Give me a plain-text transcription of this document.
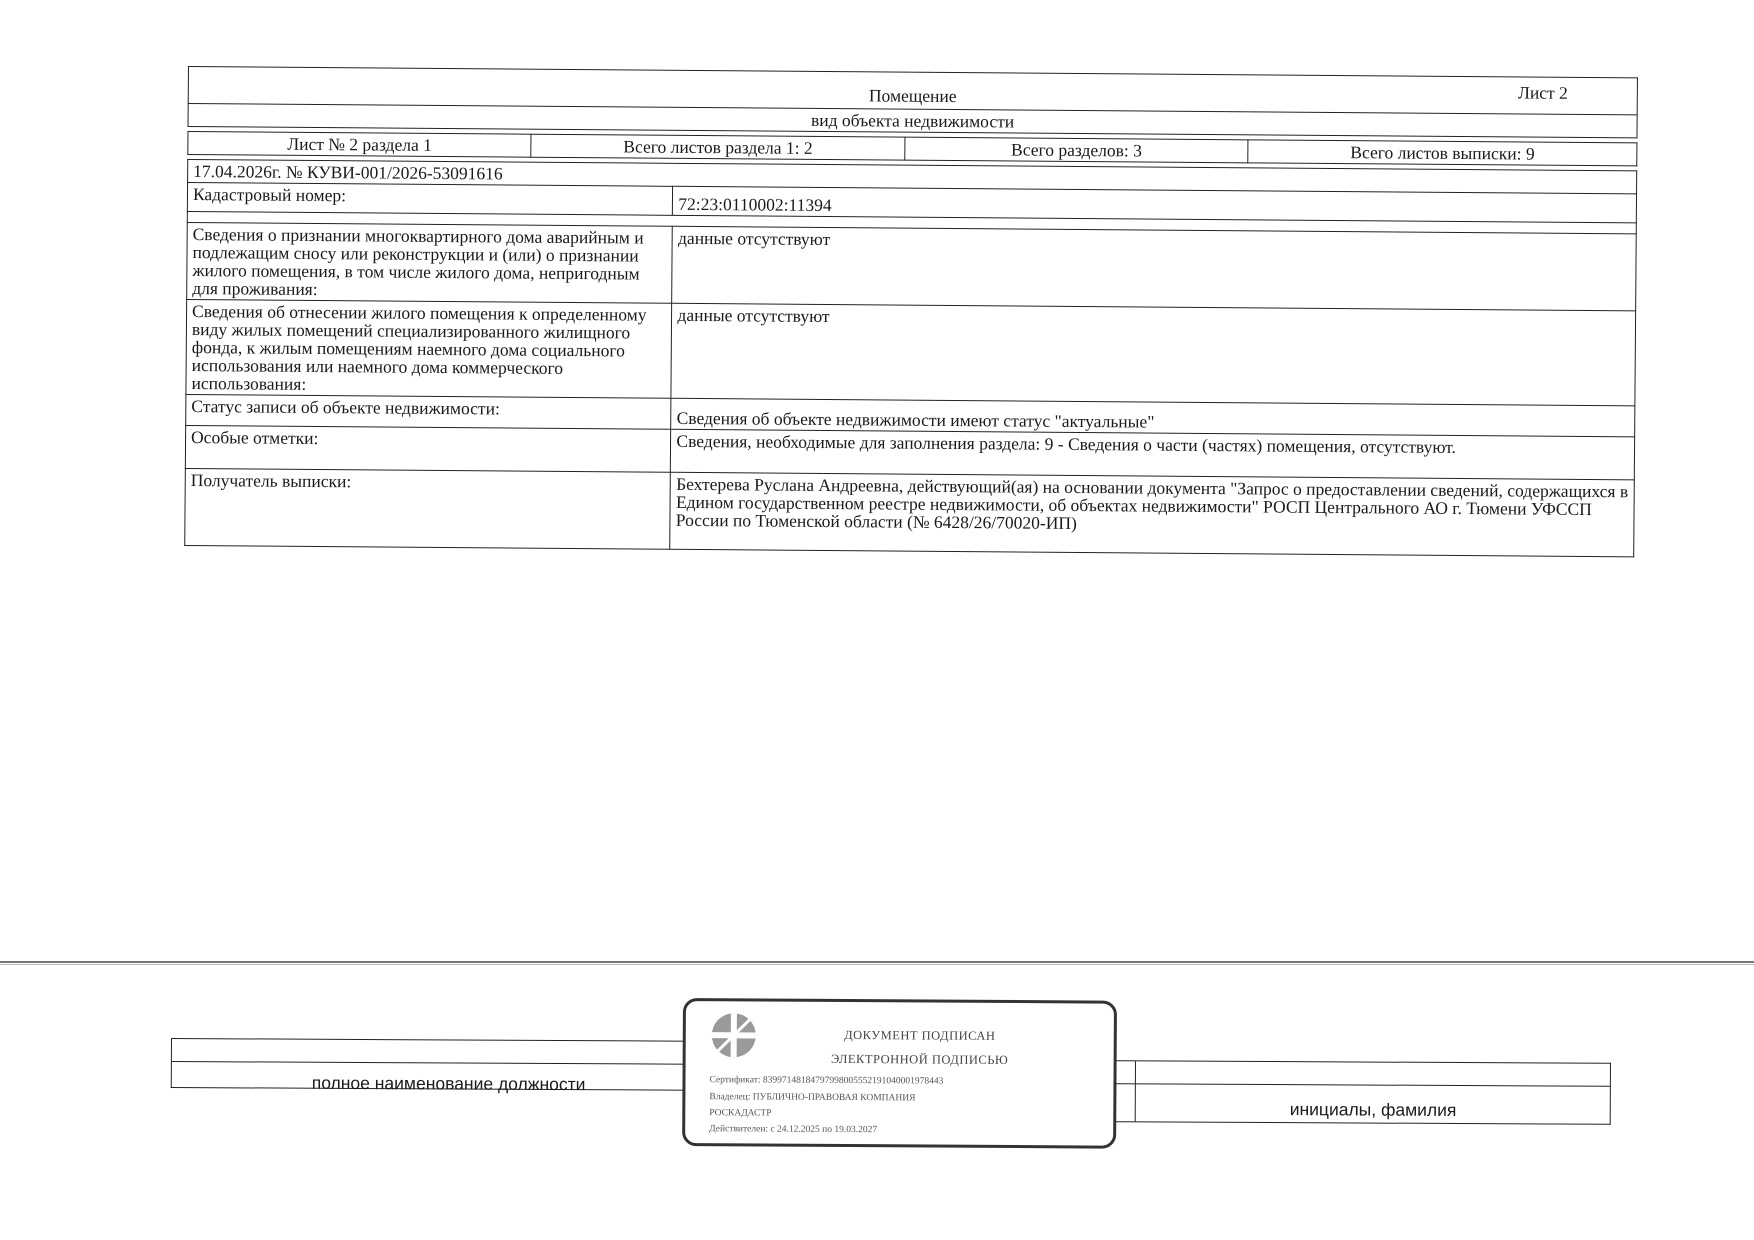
Лист 2
Помещение
вид объекта недвижимости
Лист № 2 раздела 1	Всего листов раздела 1: 2	Всего разделов: 3	Всего листов выписки: 9
17.04.2026г. № КУВИ-001/2026-53091616	
Кадастровый номер:	72:23:0110002:11394

Сведения о признании многоквартирного дома аварийным и подлежащим сносу или реконструкции и (или) о признании жилого помещения, в том числе жилого дома, непригодным для проживания:	данные отсутствуют
Сведения об отнесении жилого помещения к определенному виду жилых помещений специализированного жилищного фонда, к жилым помещениям наемного дома социального использования или наемного дома коммерческого использования:	данные отсутствуют
Статус записи об объекте недвижимости:	Сведения об объекте недвижимости имеют статус "актуальные"
Особые отметки:	Сведения, необходимые для заполнения раздела: 9 - Сведения о части (частях) помещения, отсутствуют.
Получатель выписки:	Бехтерева Руслана Андреевна, действующий(ая) на основании документа "Запрос о предоставлении сведений, содержащихся в Едином государственном реестре недвижимости, об объектах недвижимости" РОСП Центрального АО г. Тюмени УФССП России по Тюменской области (№ 6428/26/70020-ИП)
полное наименование должности
инициалы, фамилия
ДОКУМЕНТ ПОДПИСАН
ЭЛЕКТРОННОЙ ПОДПИСЬЮ
Сертификат: 83997148184797998005552191040001978443
Владелец: ПУБЛИЧНО-ПРАВОВАЯ КОМПАНИЯ
РОСКАДАСТР
Действителен: с 24.12.2025 по 19.03.2027
